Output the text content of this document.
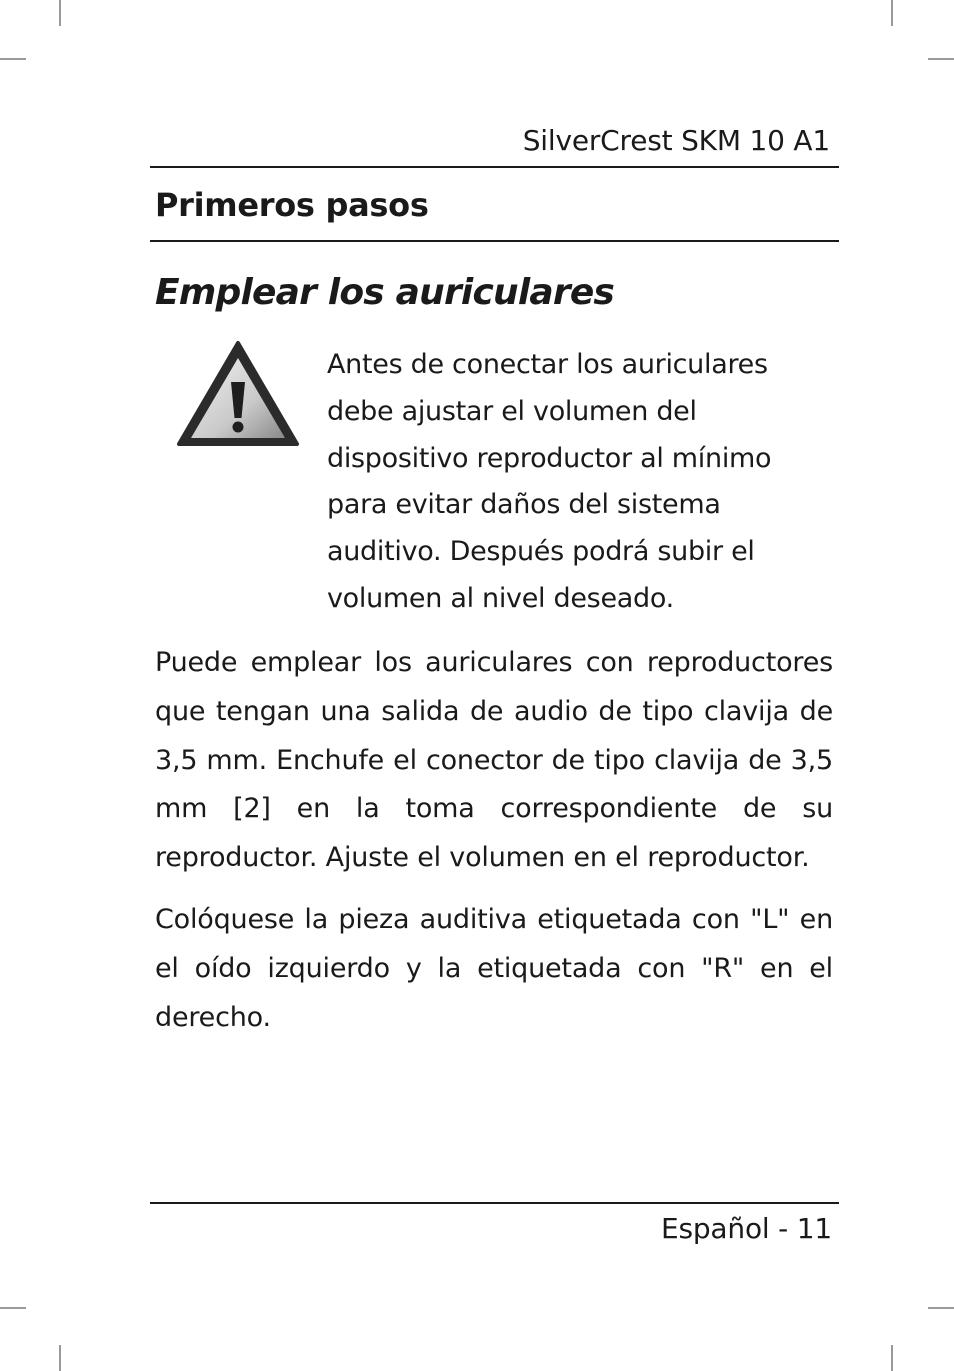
SilverCrest SKM 10 A1
Primeros pasos
Emplear los auriculares
Antes de conectar los auriculares debe ajustar el volumen del dispositivo reproductor al mínimo para evitar daños del sistema auditivo. Después podrá subir el volumen al nivel deseado.
Puede emplear los auriculares con reproductores que tengan una salida de audio de tipo clavija de 3,5 mm. Enchufe el conector de tipo clavija de 3,5 mm [2] en la toma correspondiente de su reproductor. Ajuste el volumen en el reproductor.
Colóquese la pieza auditiva etiquetada con "L" en el oído izquierdo y la etiquetada con "R" en el derecho.
Español - 11
